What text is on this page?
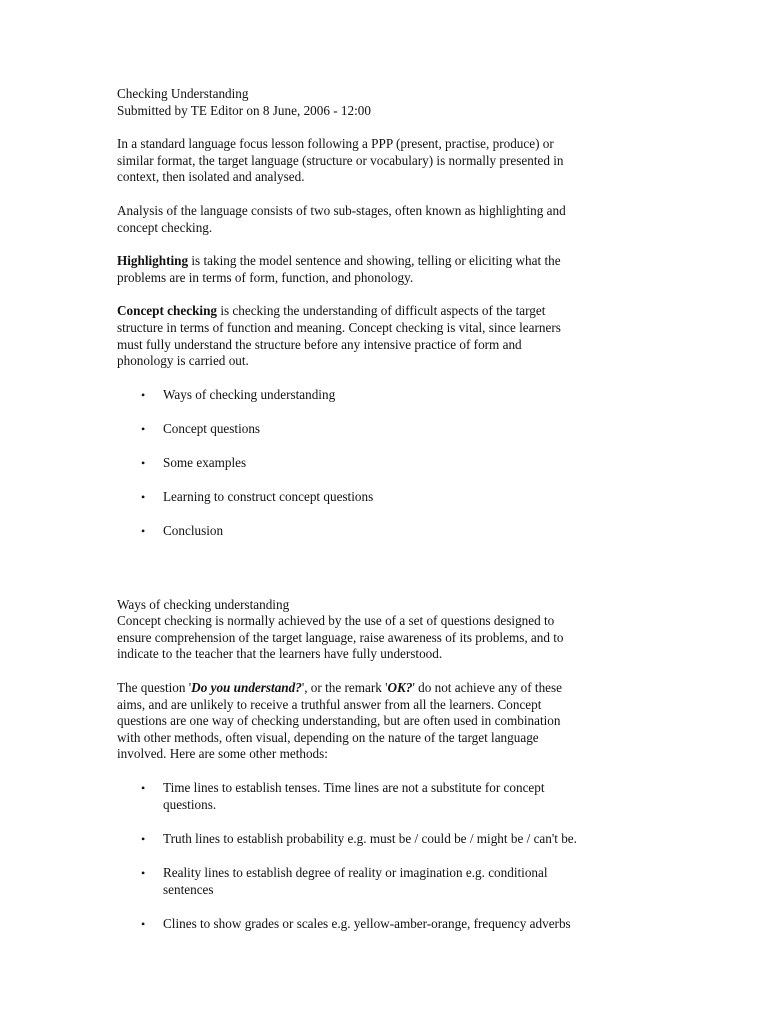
Checking Understanding
Submitted by TE Editor on 8 June, 2006 - 12:00

In a standard language focus lesson following a PPP (present, practise, produce) or
similar format, the target language (structure or vocabulary) is normally presented in
context, then isolated and analysed.

Analysis of the language consists of two sub-stages, often known as highlighting and
concept checking.

Highlighting is taking the model sentence and showing, telling or eliciting what the
problems are in terms of form, function, and phonology.

Concept checking is checking the understanding of difficult aspects of the target
structure in terms of function and meaning. Concept checking is vital, since learners
must fully understand the structure before any intensive practice of form and
phonology is carried out.

• Ways of checking understanding
• Concept questions
• Some examples
• Learning to construct concept questions
• Conclusion
Ways of checking understanding
Concept checking is normally achieved by the use of a set of questions designed to
ensure comprehension of the target language, raise awareness of its problems, and to
indicate to the teacher that the learners have fully understood.

The question 'Do you understand?', or the remark 'OK?' do not achieve any of these
aims, and are unlikely to receive a truthful answer from all the learners. Concept
questions are one way of checking understanding, but are often used in combination
with other methods, often visual, depending on the nature of the target language
involved. Here are some other methods:

• Time lines to establish tenses. Time lines are not a substitute for concept
questions.
• Truth lines to establish probability e.g. must be / could be / might be / can't be.
• Reality lines to establish degree of reality or imagination e.g. conditional
sentences
• Clines to show grades or scales e.g. yellow-amber-orange, frequency adverbs
